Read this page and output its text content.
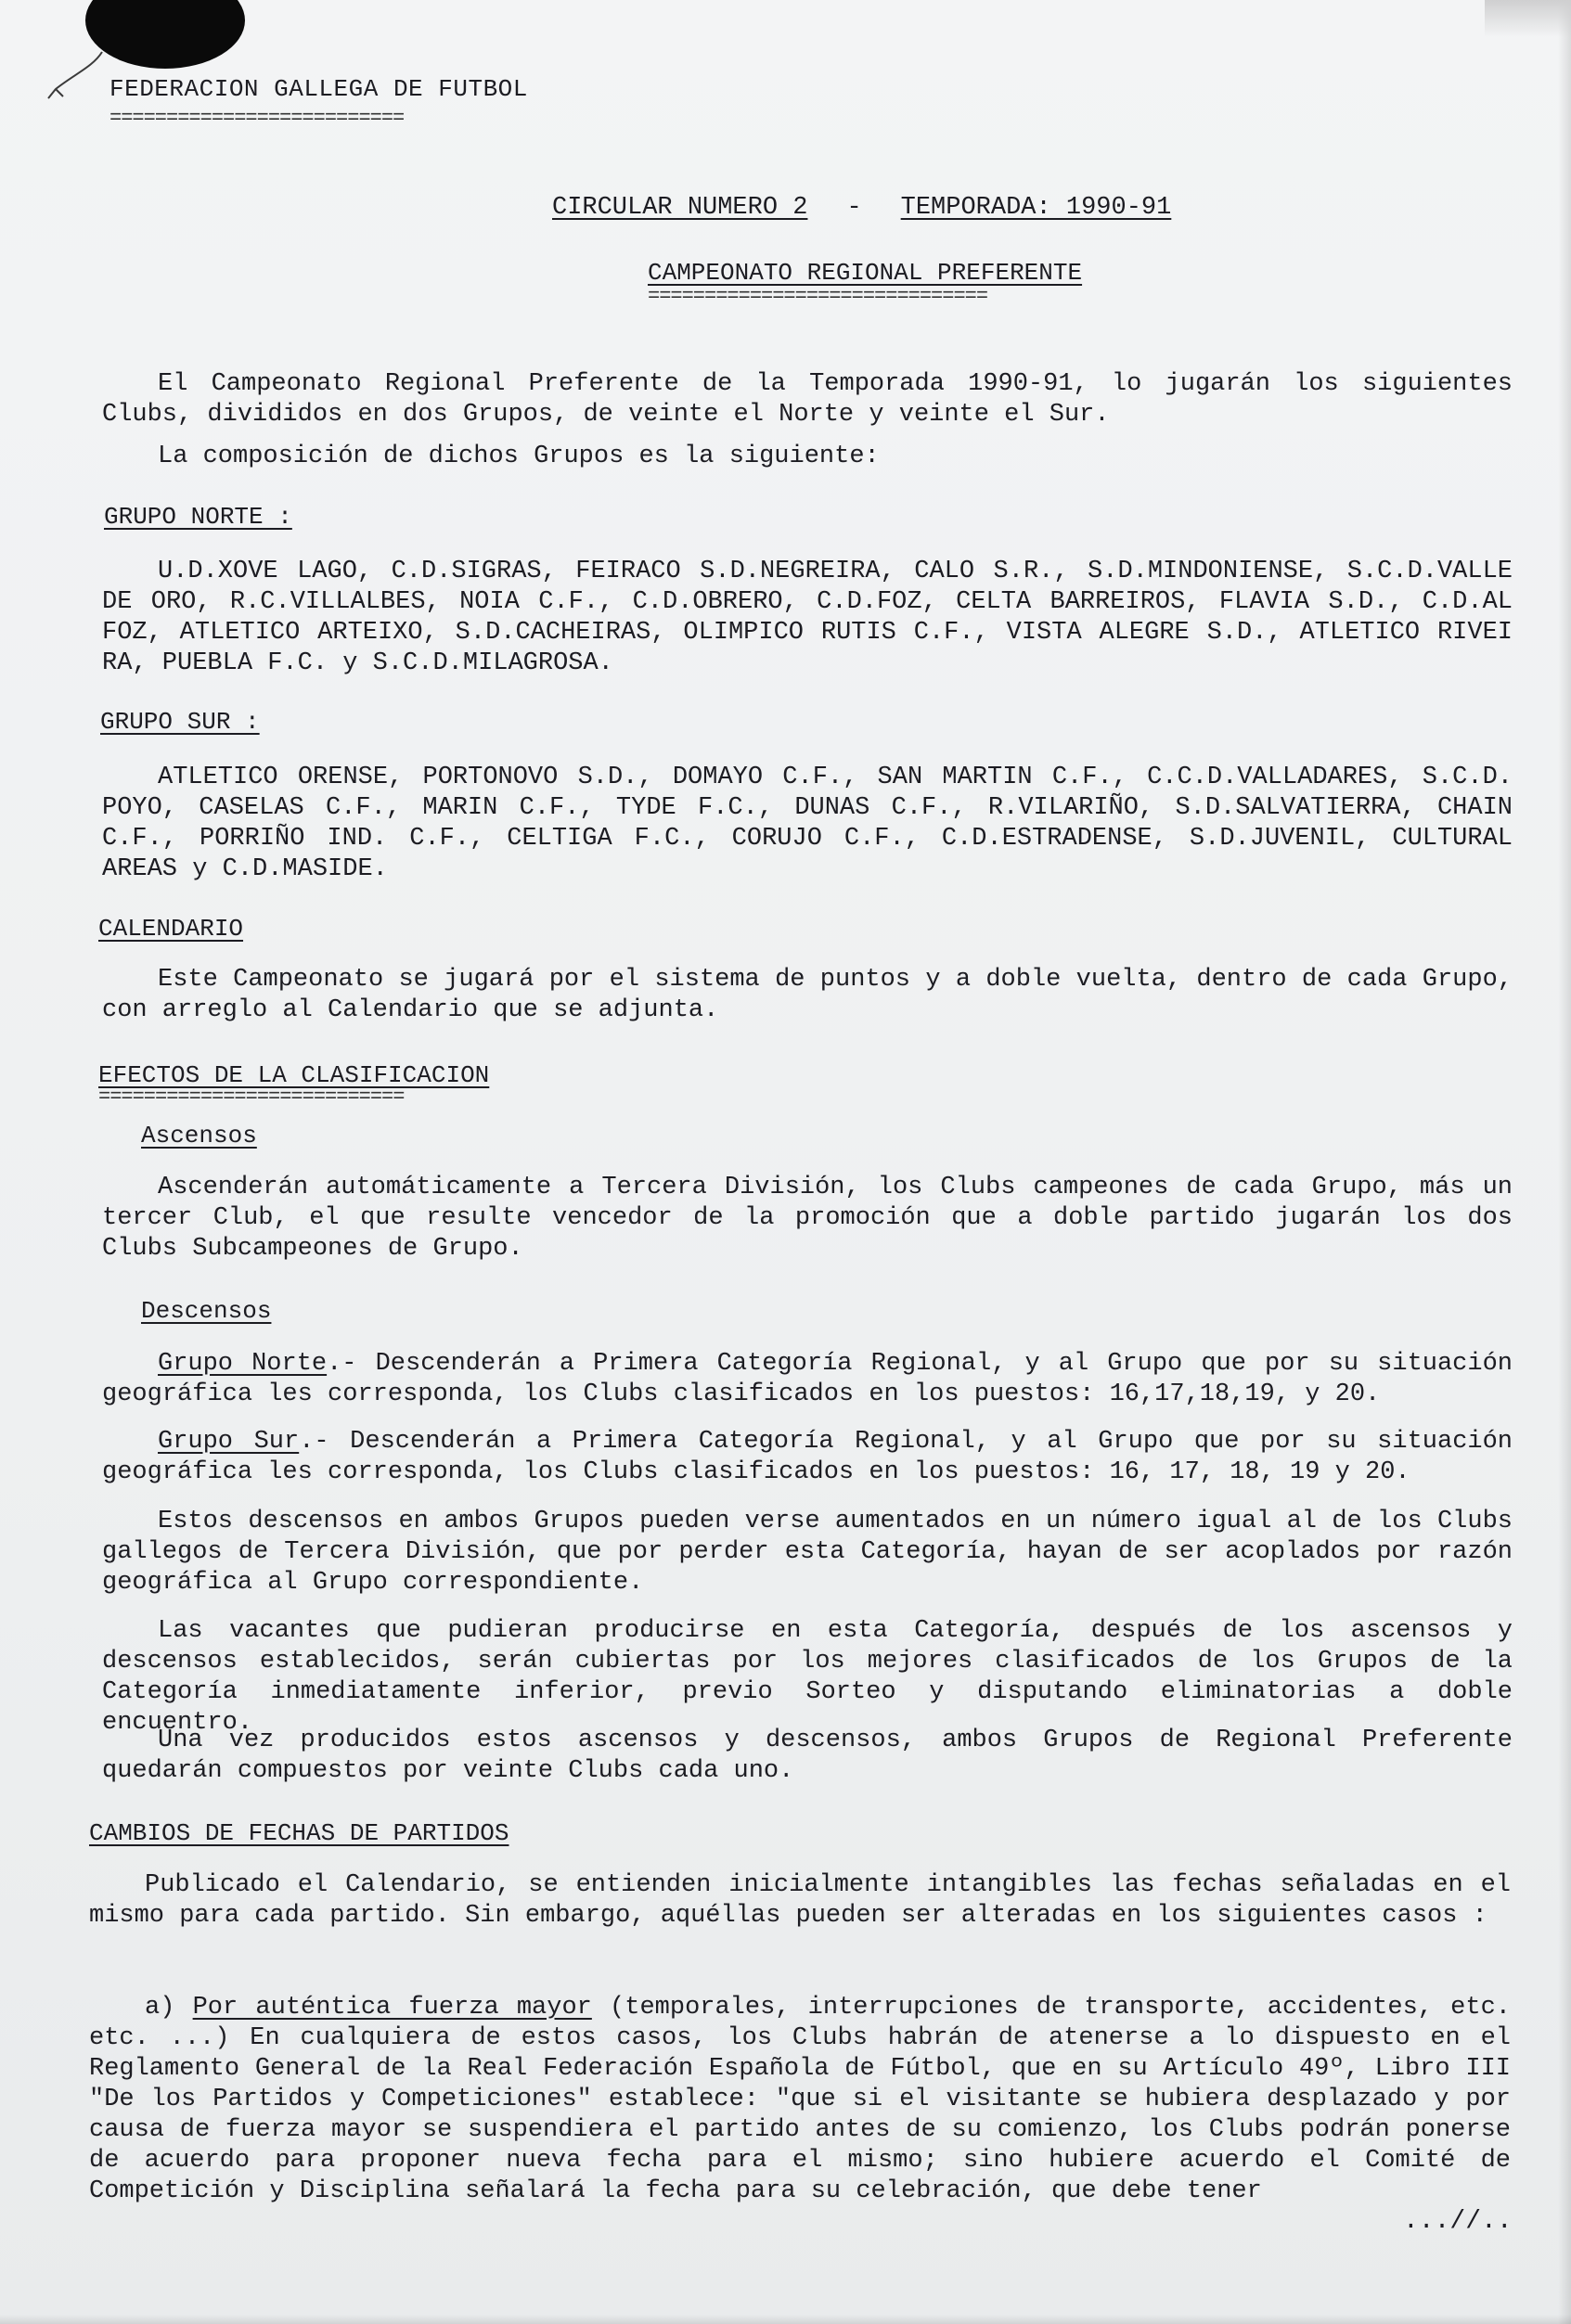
FEDERACION GALLEGA DE FUTBOL
==========================
CIRCULAR NUMERO 2 - TEMPORADA: 1990-91
CAMPEONATO REGIONAL PREFERENTE
==============================
El Campeonato Regional Preferente de la Temporada 1990-91, lo jugarán los siguientes Clubs, divididos en dos Grupos, de veinte el Norte y veinte el Sur.
La composición de dichos Grupos es la siguiente:
GRUPO NORTE :
U.D.XOVE LAGO, C.D.SIGRAS, FEIRACO S.D.NEGREIRA, CALO S.R., S.D.MINDONIENSE, S.C.D.VALLE DE ORO, R.C.VILLALBES, NOIA C.F., C.D.OBRERO, C.D.FOZ, CELTA BARREIROS, FLAVIA S.D., C.D.AL FOZ, ATLETICO ARTEIXO, S.D.CACHEIRAS, OLIMPICO RUTIS C.F., VISTA ALEGRE S.D., ATLETICO RIVEI RA, PUEBLA F.C. y S.C.D.MILAGROSA.
GRUPO SUR :
ATLETICO ORENSE, PORTONOVO S.D., DOMAYO C.F., SAN MARTIN C.F., C.C.D.VALLADARES, S.C.D. POYO, CASELAS C.F., MARIN C.F., TYDE F.C., DUNAS C.F., R.VILARIÑO, S.D.SALVATIERRA, CHAIN C.F., PORRIÑO IND. C.F., CELTIGA F.C., CORUJO C.F., C.D.ESTRADENSE, S.D.JUVENIL, CULTURAL AREAS y C.D.MASIDE.
CALENDARIO
Este Campeonato se jugará por el sistema de puntos y a doble vuelta, dentro de cada Grupo, con arreglo al Calendario que se adjunta.
EFECTOS DE LA CLASIFICACION
===========================
Ascensos
Ascenderán automáticamente a Tercera División, los Clubs campeones de cada Grupo, más un tercer Club, el que resulte vencedor de la promoción que a doble partido jugarán los dos Clubs Subcampeones de Grupo.
Descensos
Grupo Norte.- Descenderán a Primera Categoría Regional, y al Grupo que por su situación geográfica les corresponda, los Clubs clasificados en los puestos: 16,17,18,19, y 20.
Grupo Sur.- Descenderán a Primera Categoría Regional, y al Grupo que por su situación geográfica les corresponda, los Clubs clasificados en los puestos: 16, 17, 18, 19 y 20.
Estos descensos en ambos Grupos pueden verse aumentados en un número igual al de los Clubs gallegos de Tercera División, que por perder esta Categoría, hayan de ser acoplados por razón geográfica al Grupo correspondiente.
Las vacantes que pudieran producirse en esta Categoría, después de los ascensos y descensos establecidos, serán cubiertas por los mejores clasificados de los Grupos de la Categoría inmediatamente inferior, previo Sorteo y disputando eliminatorias a doble encuentro.
Una vez producidos estos ascensos y descensos, ambos Grupos de Regional Preferente quedarán compuestos por veinte Clubs cada uno.
CAMBIOS DE FECHAS DE PARTIDOS
Publicado el Calendario, se entienden inicialmente intangibles las fechas señaladas en el mismo para cada partido. Sin embargo, aquéllas pueden ser alteradas en los siguientes casos :
a) Por auténtica fuerza mayor (temporales, interrupciones de transporte, accidentes, etc. etc. ...) En cualquiera de estos casos, los Clubs habrán de atenerse a lo dispuesto en el Reglamento General de la Real Federación Española de Fútbol, que en su Artículo 49º, Libro III "De los Partidos y Competiciones" establece: "que si el visitante se hubiera desplazado y por causa de fuerza mayor se suspendiera el partido antes de su comienzo, los Clubs podrán ponerse de acuerdo para proponer nueva fecha para el mismo; sino hubiere acuerdo el Comité de Competición y Disciplina señalará la fecha para su celebración, que debe tener
...//..
